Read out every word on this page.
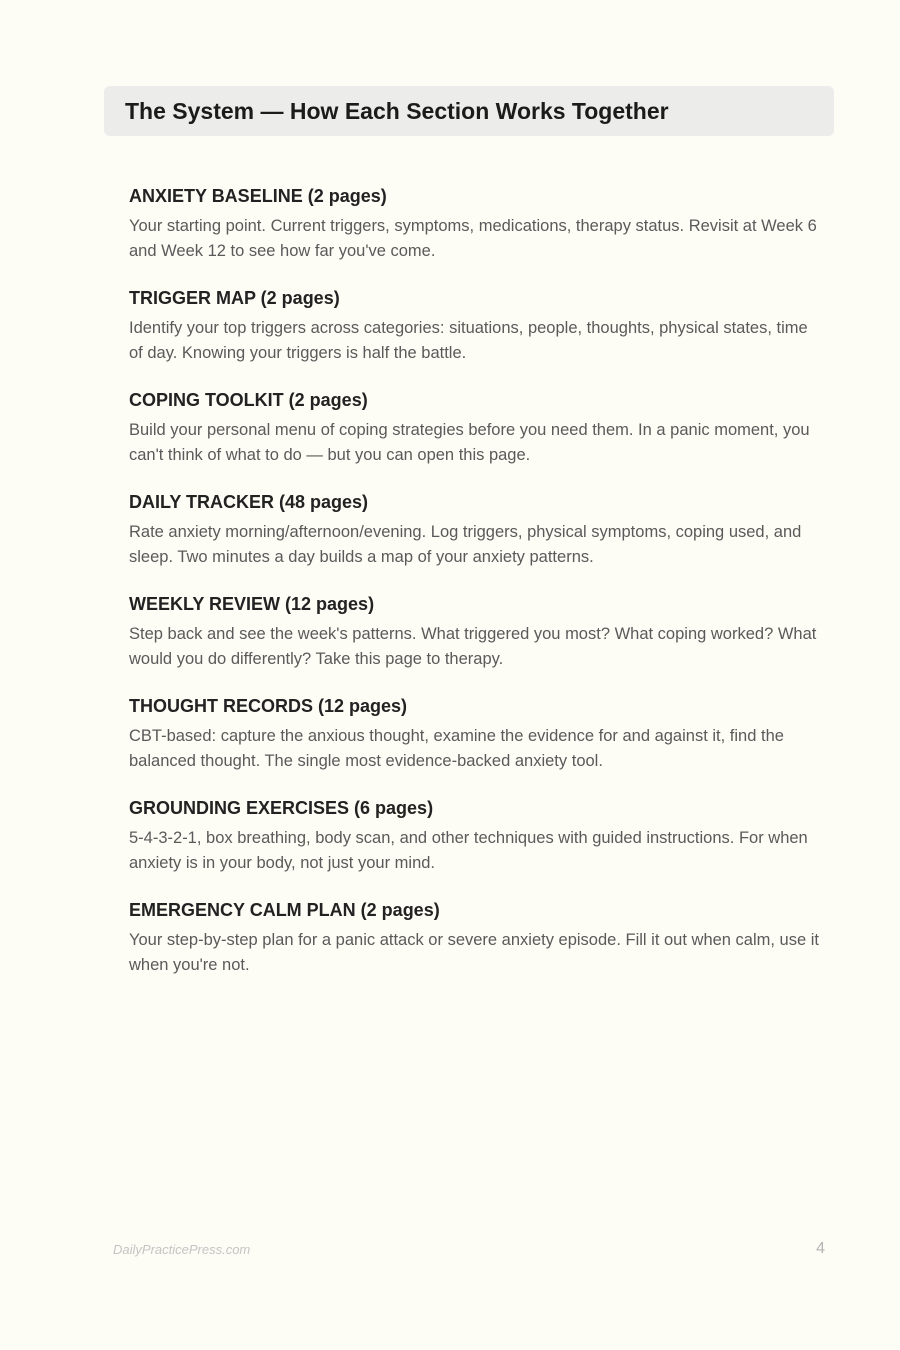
The System — How Each Section Works Together
ANXIETY BASELINE (2 pages)

Your starting point. Current triggers, symptoms, medications, therapy status. Revisit at Week 6 and Week 12 to see how far you've come.

TRIGGER MAP (2 pages)

Identify your top triggers across categories: situations, people, thoughts, physical states, time of day. Knowing your triggers is half the battle.

COPING TOOLKIT (2 pages)

Build your personal menu of coping strategies before you need them. In a panic moment, you can't think of what to do — but you can open this page.

DAILY TRACKER (48 pages)

Rate anxiety morning/afternoon/evening. Log triggers, physical symptoms, coping used, and sleep. Two minutes a day builds a map of your anxiety patterns.

WEEKLY REVIEW (12 pages)

Step back and see the week's patterns. What triggered you most? What coping worked? What would you do differently? Take this page to therapy.

THOUGHT RECORDS (12 pages)

CBT-based: capture the anxious thought, examine the evidence for and against it, find the balanced thought. The single most evidence-backed anxiety tool.

GROUNDING EXERCISES (6 pages)

5-4-3-2-1, box breathing, body scan, and other techniques with guided instructions. For when anxiety is in your body, not just your mind.

EMERGENCY CALM PLAN (2 pages)

Your step-by-step plan for a panic attack or severe anxiety episode. Fill it out when calm, use it when you're not.

DailyPracticePress.com	4
